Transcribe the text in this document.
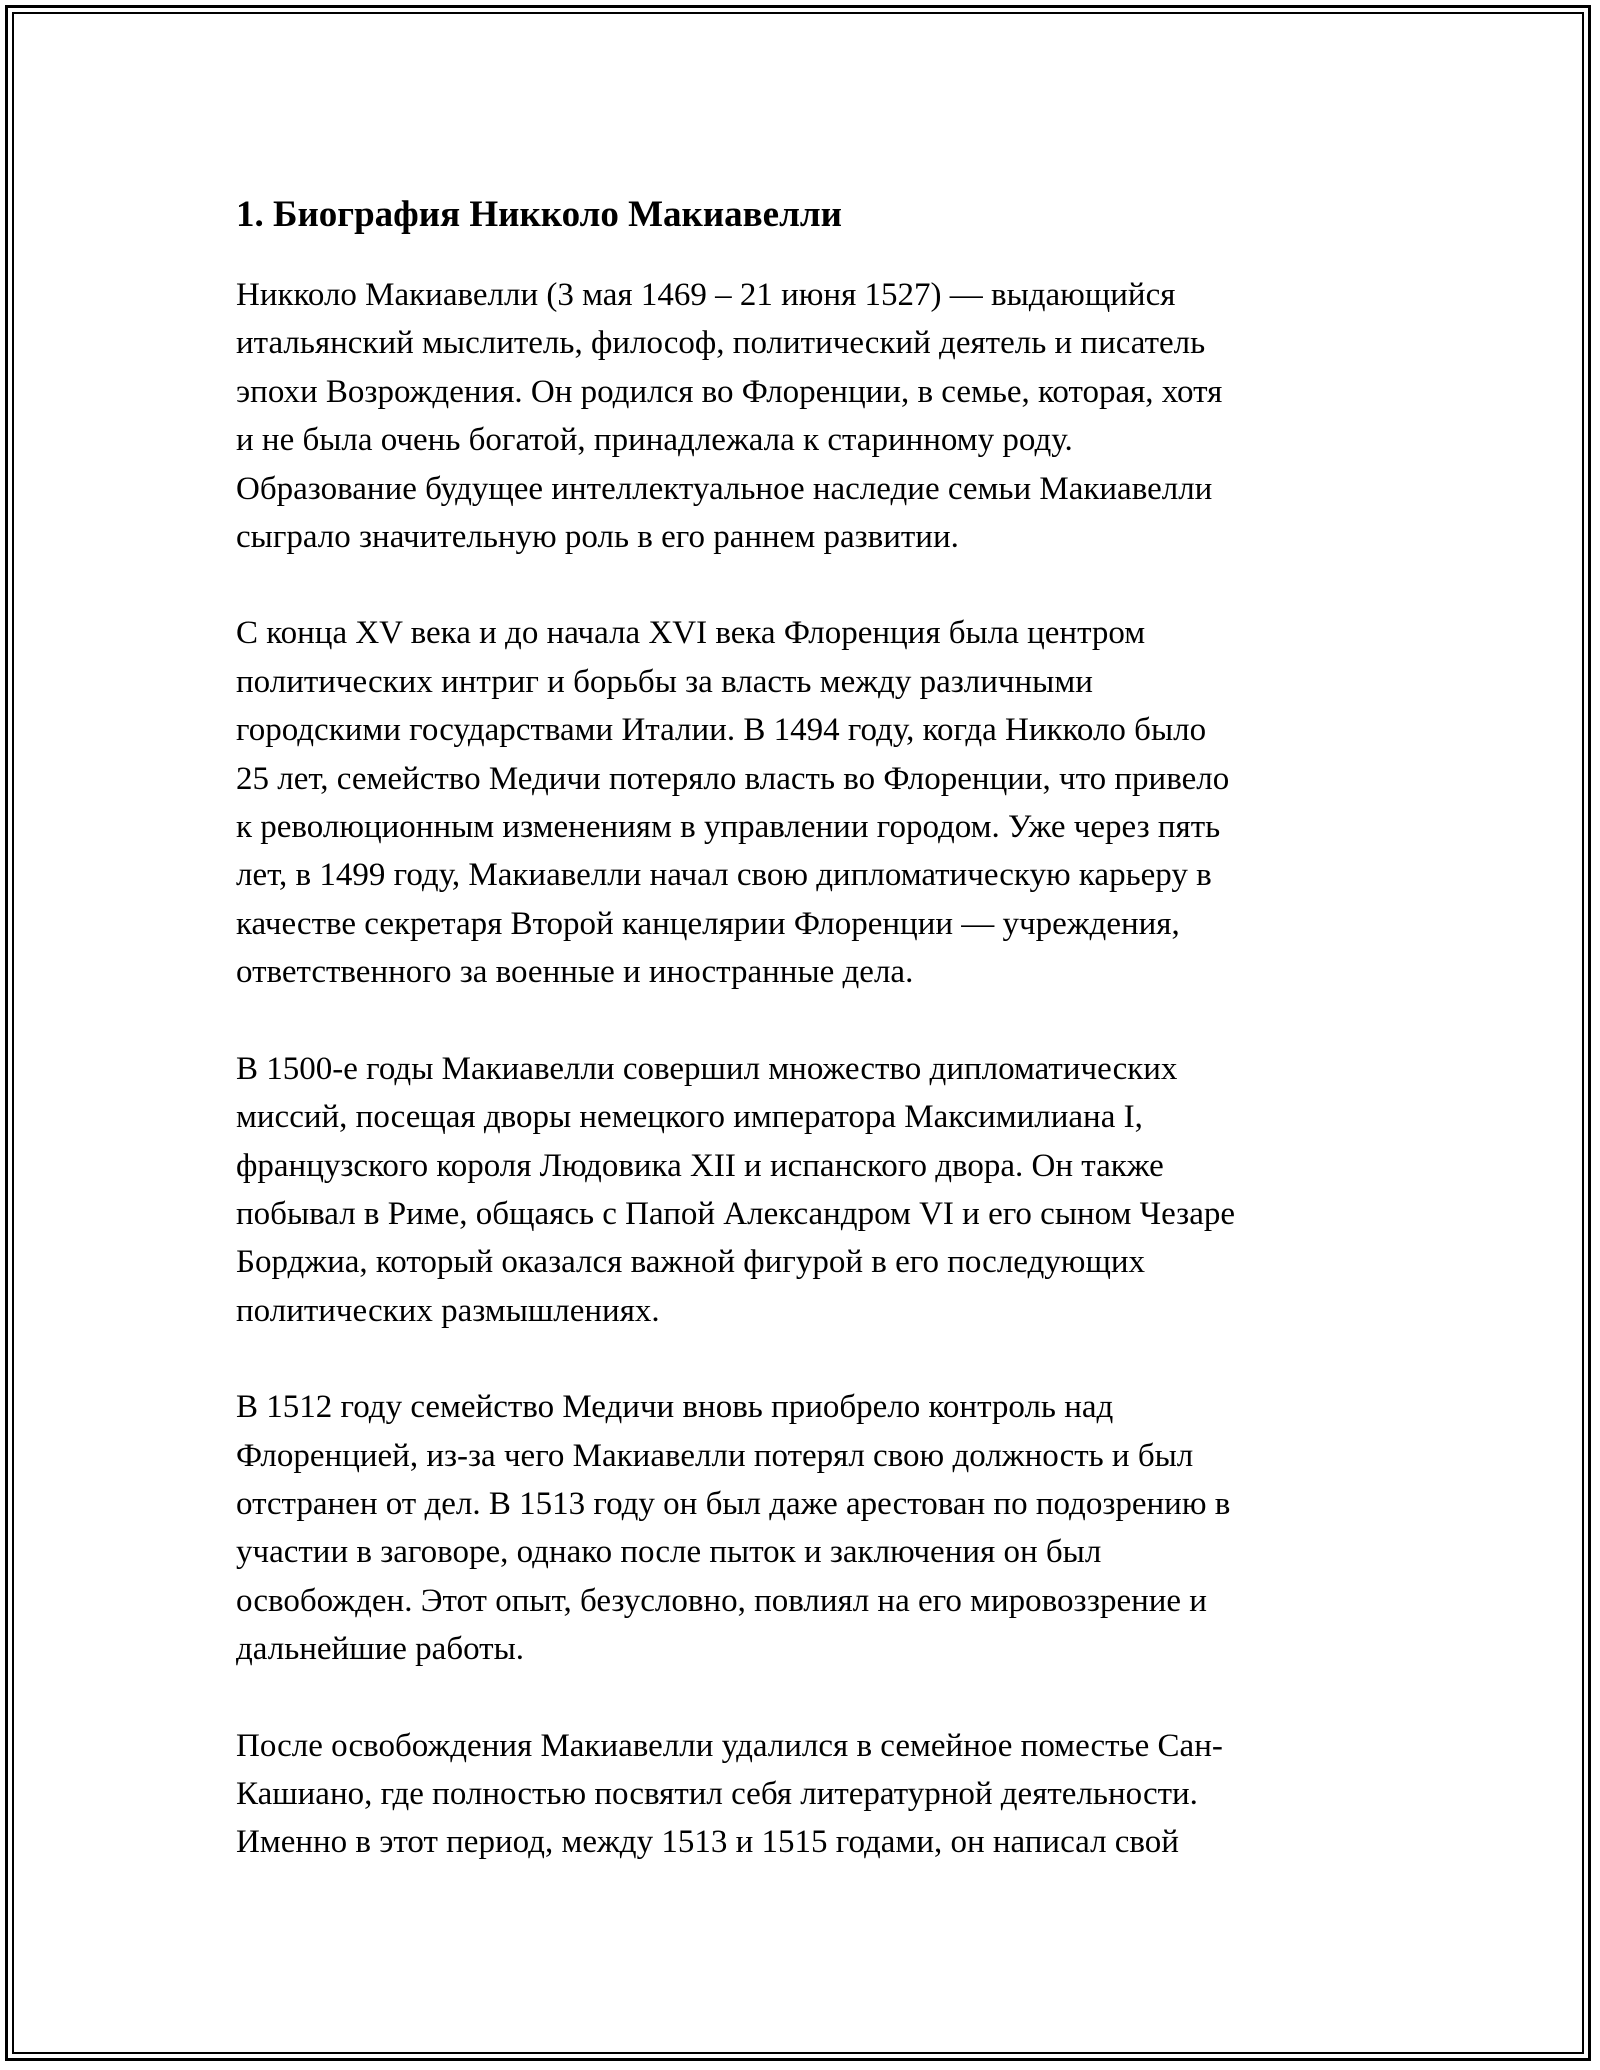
1. Биография Никколо Макиавелли

Никколо Макиавелли (3 мая 1469 – 21 июня 1527) — выдающийся
итальянский мыслитель, философ, политический деятель и писатель
эпохи Возрождения. Он родился во Флоренции, в семье, которая, хотя
и не была очень богатой, принадлежала к старинному роду.
Образование будущее интеллектуальное наследие семьи Макиавелли
сыграло значительную роль в его раннем развитии.

С конца XV века и до начала XVI века Флоренция была центром
политических интриг и борьбы за власть между различными
городскими государствами Италии. В 1494 году, когда Никколо было
25 лет, семейство Медичи потеряло власть во Флоренции, что привело
к революционным изменениям в управлении городом. Уже через пять
лет, в 1499 году, Макиавелли начал свою дипломатическую карьеру в
качестве секретаря Второй канцелярии Флоренции — учреждения,
ответственного за военные и иностранные дела.

В 1500-е годы Макиавелли совершил множество дипломатических
миссий, посещая дворы немецкого императора Максимилиана I,
французского короля Людовика XII и испанского двора. Он также
побывал в Риме, общаясь с Папой Александром VI и его сыном Чезаре
Борджиа, который оказался важной фигурой в его последующих
политических размышлениях.

В 1512 году семейство Медичи вновь приобрело контроль над
Флоренцией, из-за чего Макиавелли потерял свою должность и был
отстранен от дел. В 1513 году он был даже арестован по подозрению в
участии в заговоре, однако после пыток и заключения он был
освобожден. Этот опыт, безусловно, повлиял на его мировоззрение и
дальнейшие работы.

После освобождения Макиавелли удалился в семейное поместье Сан-
Кашиано, где полностью посвятил себя литературной деятельности.
Именно в этот период, между 1513 и 1515 годами, он написал свой
